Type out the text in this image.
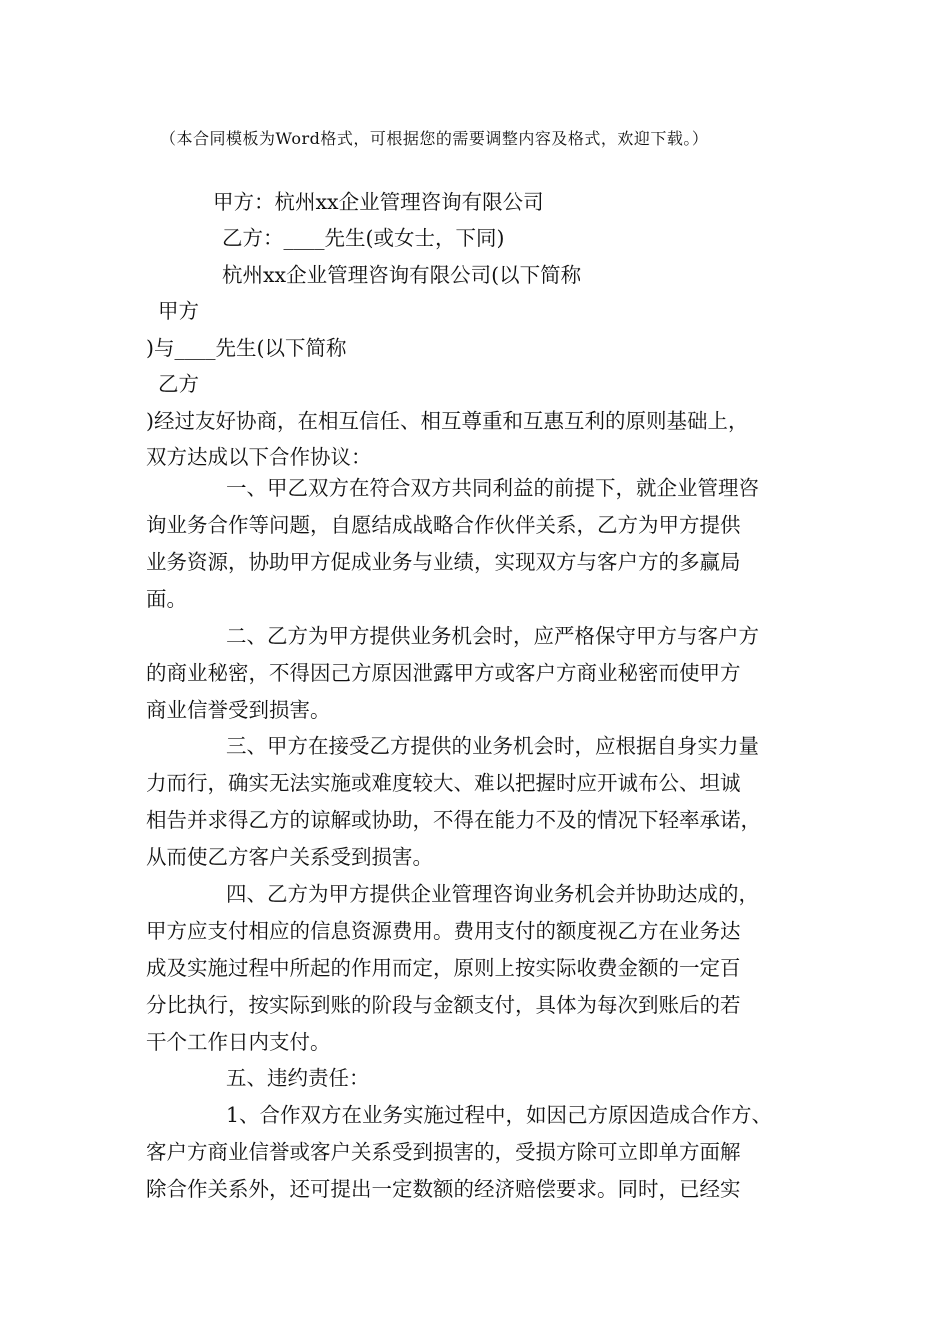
（本合同模板为Word格式，可根据您的需要调整内容及格式，欢迎下载。）
甲方：杭州xx企业管理咨询有限公司
乙方：____先生(或女士，下同)
杭州xx企业管理咨询有限公司(以下简称
甲方
)与____先生(以下简称
乙方
)经过友好协商，在相互信任、相互尊重和互惠互利的原则基础上，
双方达成以下合作协议：
一、甲乙双方在符合双方共同利益的前提下，就企业管理咨
询业务合作等问题，自愿结成战略合作伙伴关系，乙方为甲方提供
业务资源，协助甲方促成业务与业绩，实现双方与客户方的多赢局
面。
二、乙方为甲方提供业务机会时，应严格保守甲方与客户方
的商业秘密，不得因己方原因泄露甲方或客户方商业秘密而使甲方
商业信誉受到损害。
三、甲方在接受乙方提供的业务机会时，应根据自身实力量
力而行，确实无法实施或难度较大、难以把握时应开诚布公、坦诚
相告并求得乙方的谅解或协助，不得在能力不及的情况下轻率承诺，
从而使乙方客户关系受到损害。
四、乙方为甲方提供企业管理咨询业务机会并协助达成的，
甲方应支付相应的信息资源费用。费用支付的额度视乙方在业务达
成及实施过程中所起的作用而定，原则上按实际收费金额的一定百
分比执行，按实际到账的阶段与金额支付，具体为每次到账后的若
干个工作日内支付。
五、违约责任：
1、合作双方在业务实施过程中，如因己方原因造成合作方、
客户方商业信誉或客户关系受到损害的，受损方除可立即单方面解
除合作关系外，还可提出一定数额的经济赔偿要求。同时，已经实
